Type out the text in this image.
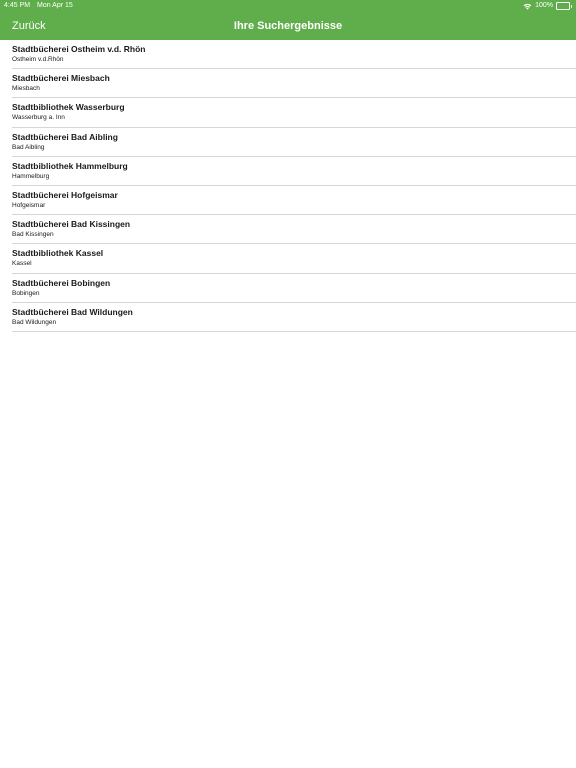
4:45 PM Mon Apr 15	100%
Zurück	Ihre Suchergebnisse
Stadtbücherei Ostheim v.d. Rhön
Ostheim v.d.Rhön
Stadtbücherei Miesbach
Miesbach
Stadtbibliothek Wasserburg
Wasserburg a. Inn
Stadtbücherei Bad Aibling
Bad Aibling
Stadtbibliothek Hammelburg
Hammelburg
Stadtbücherei Hofgeismar
Hofgeismar
Stadtbücherei Bad Kissingen
Bad Kissingen
Stadtbibliothek Kassel
Kassel
Stadtbücherei Bobingen
Bobingen
Stadtbücherei Bad Wildungen
Bad Wildungen
